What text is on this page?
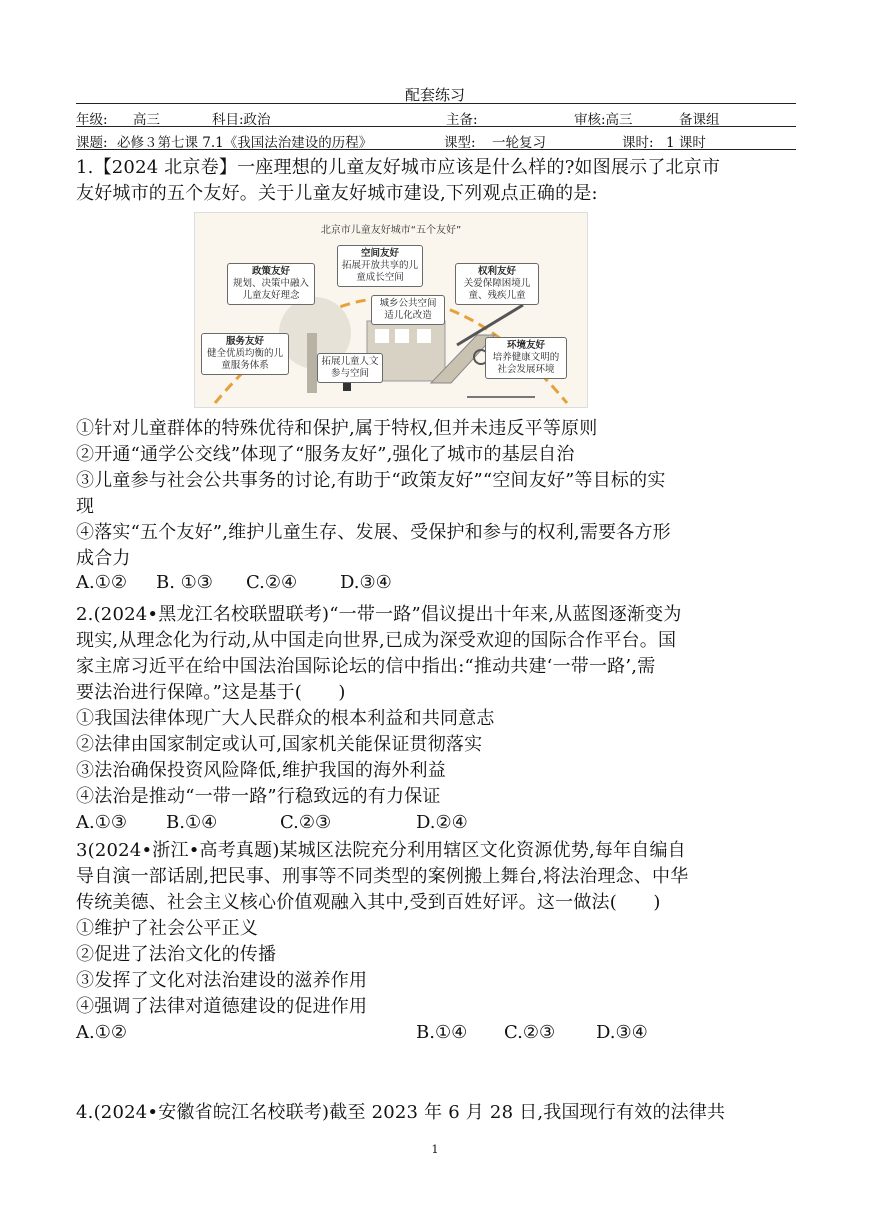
配套练习
年级: 高三	科目:政治	主备:	审核:高三	备课组
课题: 必修３第七课 7.1《我国法治建设的历程》	课型: 一轮复习	课时: 1 课时
1.【2024 北京卷】一座理想的儿童友好城市应该是什么样的?如图展示了北京市
友好城市的五个友好。关于儿童友好城市建设,下列观点正确的是:
北京市儿童友好城市“五个友好”
空间友好
拓展开放共享的儿童成长空间
政策友好
规划、决策中融入儿童友好理念
权利友好
关爱保障困境儿童、残疾儿童
城乡公共空间适儿化改造
服务友好
健全优质均衡的儿童服务体系	拓展儿童人文参与空间
环境友好
培养健康文明的社会发展环境
①针对儿童群体的特殊优待和保护,属于特权,但并未违反平等原则
②开通“通学公交线”体现了“服务友好”,强化了城市的基层自治
③儿童参与社会公共事务的讨论,有助于“政策友好”“空间友好”等目标的实
现
④落实“五个友好”,维护儿童生存、发展、受保护和参与的权利,需要各方形
成合力
A.①② B. ①③ C.②④ D.③④
2.(2024•黑龙江名校联盟联考)“一带一路”倡议提出十年来,从蓝图逐渐变为
现实,从理念化为行动,从中国走向世界,已成为深受欢迎的国际合作平台。国
家主席习近平在给中国法治国际论坛的信中指出:“推动共建‘一带一路’,需
要法治进行保障。”这是基于(　　)
①我国法律体现广大人民群众的根本利益和共同意志
②法律由国家制定或认可,国家机关能保证贯彻落实
③法治确保投资风险降低,维护我国的海外利益
④法治是推动“一带一路”行稳致远的有力保证
A.①③ B.①④	C.②③	D.②④
3(2024•浙江•高考真题)某城区法院充分利用辖区文化资源优势,每年自编自
导自演一部话剧,把民事、刑事等不同类型的案例搬上舞台,将法治理念、中华
传统美德、社会主义核心价值观融入其中,受到百姓好评。这一做法(　　)
①维护了社会公平正义
②促进了法治文化的传播
③发挥了文化对法治建设的滋养作用
④强调了法律对道德建设的促进作用
A.①②	B.①④ C.②③ D.③④
4.(2024•安徽省皖江名校联考)截至 2023 年 6 月 28 日,我国现行有效的法律共
1
